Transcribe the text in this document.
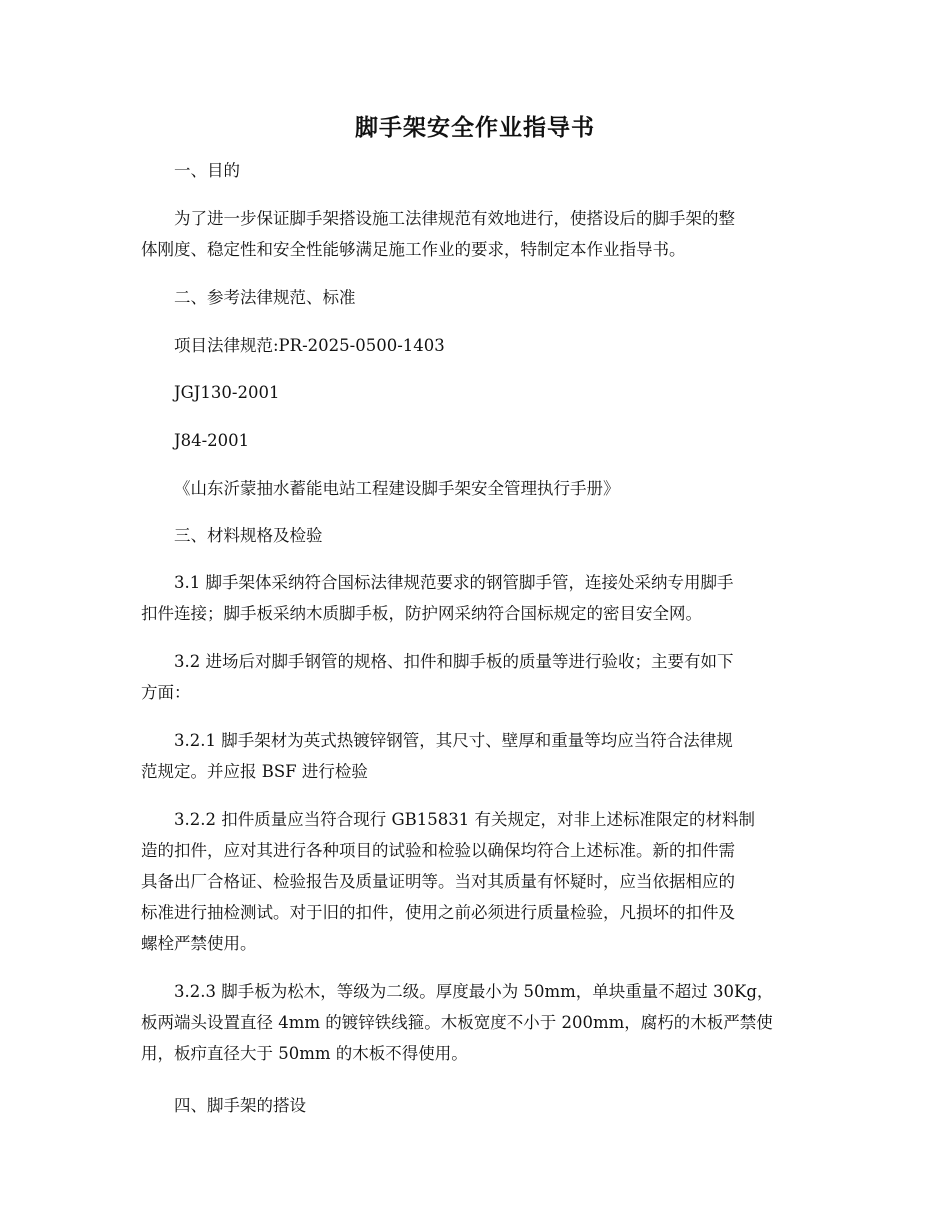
脚手架安全作业指导书

一、目的

为了进一步保证脚手架搭设施工法律规范有效地进行，使搭设后的脚手架的整

体刚度、稳定性和安全性能够满足施工作业的要求，特制定本作业指导书。

二、参考法律规范、标准

项目法律规范:PR-2025-0500-1403

JGJ130-2001

J84-2001

《山东沂蒙抽水蓄能电站工程建设脚手架安全管理执行手册》

三、材料规格及检验

3.1 脚手架体采纳符合国标法律规范要求的钢管脚手管，连接处采纳专用脚手

扣件连接；脚手板采纳木质脚手板，防护网采纳符合国标规定的密目安全网。

3.2 进场后对脚手钢管的规格、扣件和脚手板的质量等进行验收；主要有如下

方面：

3.2.1 脚手架材为英式热镀锌钢管，其尺寸、壁厚和重量等均应当符合法律规

范规定。并应报 BSF 进行检验

3.2.2 扣件质量应当符合现行 GB15831 有关规定，对非上述标准限定的材料制

造的扣件，应对其进行各种项目的试验和检验以确保均符合上述标准。新的扣件需

具备出厂合格证、检验报告及质量证明等。当对其质量有怀疑时，应当依据相应的

标准进行抽检测试。对于旧的扣件，使用之前必须进行质量检验，凡损坏的扣件及

螺栓严禁使用。

3.2.3 脚手板为松木，等级为二级。厚度最小为 50mm，单块重量不超过 30Kg，

板两端头设置直径 4mm 的镀锌铁线箍。木板宽度不小于 200mm，腐朽的木板严禁使

用，板疖直径大于 50mm 的木板不得使用。

四、脚手架的搭设
